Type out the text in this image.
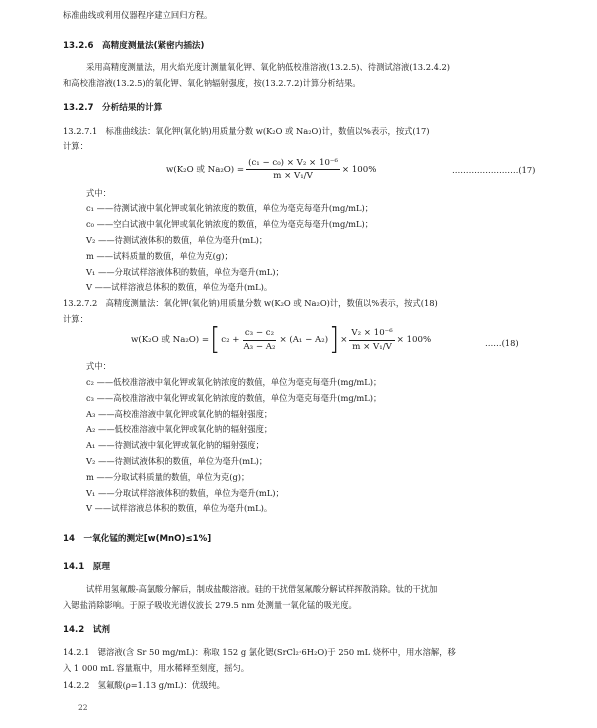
标准曲线或利用仪器程序建立回归方程。
13.2.6　高精度测量法(紧密内插法)
采用高精度测量法，用火焰光度计测量氧化钾、氧化钠低校准溶液(13.2.5)、待测试溶液(13.2.4.2)
和高校准溶液(13.2.5)的氧化钾、氧化钠辐射强度，按(13.2.7.2)计算分析结果。
13.2.7　分析结果的计算
13.2.7.1　标准曲线法：氧化钾(氧化钠)用质量分数 w(K₂O 或 Na₂O)计，数值以%表示，按式(17)
计算：
w(K₂O 或 $Na_2O) = \frac{\text{(c₁ − c₀) × V₂ × 10⁻⁶}}{\text{m × V₁/V}} \times 100\%$	……………………(17)
式中：
c₁ ——待测试液中氧化钾或氧化钠浓度的数值，单位为毫克每毫升(mg/mL)；
c₀ ——空白试液中氧化钾或氧化钠浓度的数值，单位为毫克每毫升(mg/mL)；
V₂ ——待测试液体积的数值，单位为毫升(mL)；
m ——试料质量的数值，单位为克(g)；
V₁ ——分取试样溶液体积的数值，单位为毫升(mL)；
V ——试样溶液总体积的数值，单位为毫升(mL)。
13.2.7.2　高精度测量法：氧化钾(氧化钠)用质量分数 w(K₂O 或 Na₂O)计，数值以%表示，按式(18)
计算：
w(K₂O 或 Na₂O) = [ $c_2 + \frac{\text{c₃ − c₂}}{\text{A₃ − A₂}} \times (A_1 - A_2)$ ] × $\frac{\text{V₂ × 10⁻⁶}}{\text{m × V₁/V}} \times 100\%$	……(18)
式中：
c₂ ——低校准溶液中氧化钾或氧化钠浓度的数值，单位为毫克每毫升(mg/mL)；
c₃ ——高校准溶液中氧化钾或氧化钠浓度的数值，单位为毫克每毫升(mg/mL)；
A₃ ——高校准溶液中氧化钾或氧化钠的辐射强度；
A₂ ——低校准溶液中氧化钾或氧化钠的辐射强度；
A₁ ——待测试液中氧化钾或氧化钠的辐射强度；
V₂ ——待测试液体积的数值，单位为毫升(mL)；
m ——分取试料质量的数值，单位为克(g)；
V₁ ——分取试样溶液体积的数值，单位为毫升(mL)；
V ——试样溶液总体积的数值，单位为毫升(mL)。
14　一氧化锰的测定[w(MnO)≤1%]
14.1　原理
试样用氢氟酸-高氯酸分解后，制成盐酸溶液。硅的干扰借氢氟酸分解试样挥散消除。钛的干扰加
入锶盐消除影响。于原子吸收光谱仪波长 279.5 nm 处测量一氧化锰的吸光度。
14.2　试剂
14.2.1　锶溶液(含 Sr 50 mg/mL)：称取 152 g 氯化锶(SrCl₂·6H₂O)于 250 mL 烧杯中，用水溶解，移
入 1 000 mL 容量瓶中，用水稀释至刻度，摇匀。
14.2.2　氢氟酸(ρ=1.13 g/mL)：优级纯。
22
